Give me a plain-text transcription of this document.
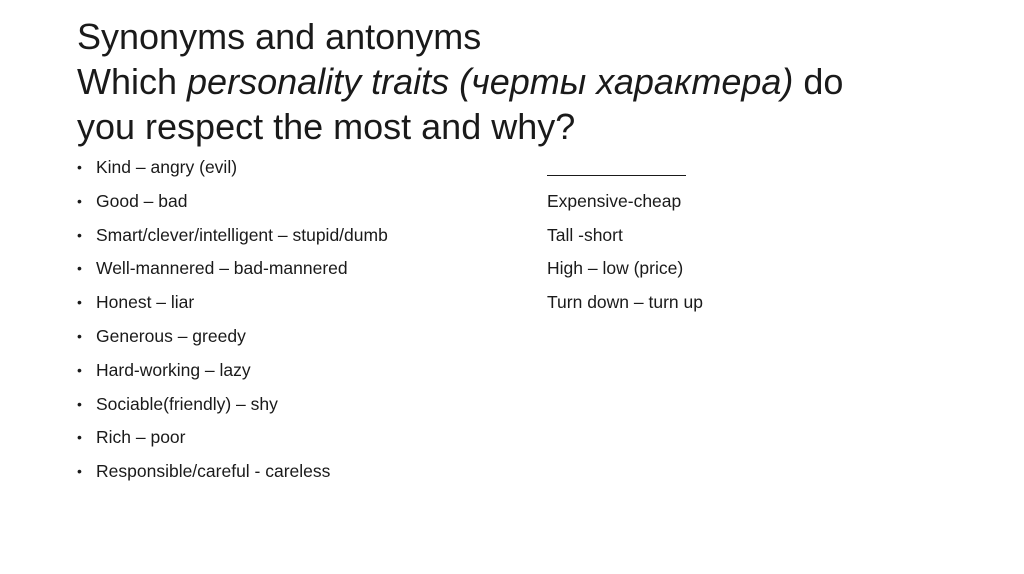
Synonyms and antonyms
Which personality traits (черты характера) do
you respect the most and why?
• Kind – angry (evil)
• Good – bad
• Smart/clever/intelligent – stupid/dumb
• Well-mannered – bad-mannered
• Honest – liar
• Generous – greedy
• Hard-working – lazy
• Sociable(friendly) – shy
• Rich – poor
• Responsible/careful - careless
Expensive-cheap
Tall -short
High – low (price)
Turn down – turn up
